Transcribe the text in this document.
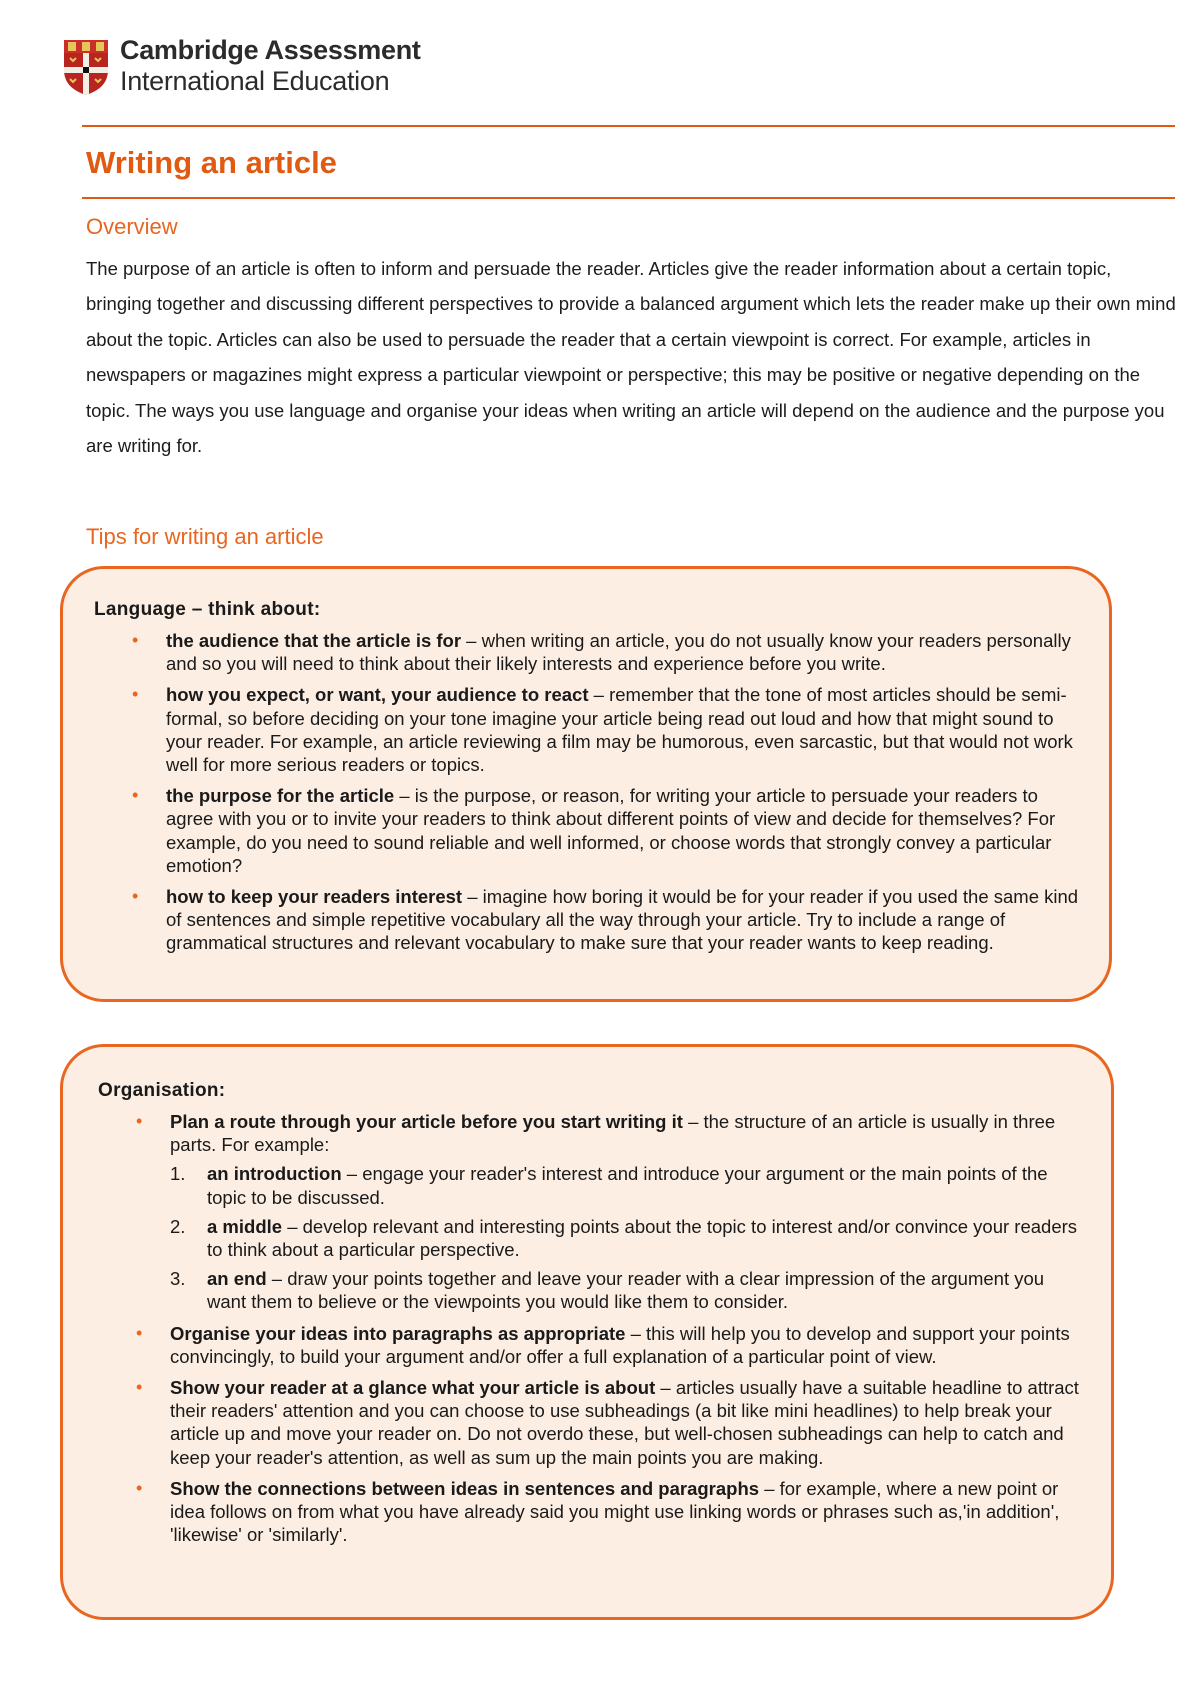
Cambridge Assessment
International Education
Writing an article
Overview

The purpose of an article is often to inform and persuade the reader. Articles give the reader information about a certain topic, bringing together and discussing different perspectives to provide a balanced argument which lets the reader make up their own mind about the topic. Articles can also be used to persuade the reader that a certain viewpoint is correct. For example, articles in newspapers or magazines might express a particular viewpoint or perspective; this may be positive or negative depending on the topic. The ways you use language and organise your ideas when writing an article will depend on the audience and the purpose you are writing for.

Tips for writing an article
Language – think about:
• the audience that the article is for – when writing an article, you do not usually know your readers personally and so you will need to think about their likely interests and experience before you write.
• how you expect, or want, your audience to react – remember that the tone of most articles should be semi-formal, so before deciding on your tone imagine your article being read out loud and how that might sound to your reader. For example, an article reviewing a film may be humorous, even sarcastic, but that would not work well for more serious readers or topics.
• the purpose for the article – is the purpose, or reason, for writing your article to persuade your readers to agree with you or to invite your readers to think about different points of view and decide for themselves? For example, do you need to sound reliable and well informed, or choose words that strongly convey a particular emotion?
• how to keep your readers interest – imagine how boring it would be for your reader if you used the same kind of sentences and simple repetitive vocabulary all the way through your article. Try to include a range of grammatical structures and relevant vocabulary to make sure that your reader wants to keep reading.
Organisation:
• Plan a route through your article before you start writing it – the structure of an article is usually in three parts. For example:
1. an introduction – engage your reader's interest and introduce your argument or the main points of the topic to be discussed.
2. a middle – develop relevant and interesting points about the topic to interest and/or convince your readers to think about a particular perspective.
3. an end – draw your points together and leave your reader with a clear impression of the argument you want them to believe or the viewpoints you would like them to consider.
• Organise your ideas into paragraphs as appropriate – this will help you to develop and support your points convincingly, to build your argument and/or offer a full explanation of a particular point of view.
• Show your reader at a glance what your article is about – articles usually have a suitable headline to attract their readers' attention and you can choose to use subheadings (a bit like mini headlines) to help break your article up and move your reader on. Do not overdo these, but well-chosen subheadings can help to catch and keep your reader's attention, as well as sum up the main points you are making.
• Show the connections between ideas in sentences and paragraphs – for example, where a new point or idea follows on from what you have already said you might use linking words or phrases such as,'in addition', 'likewise' or 'similarly'.
